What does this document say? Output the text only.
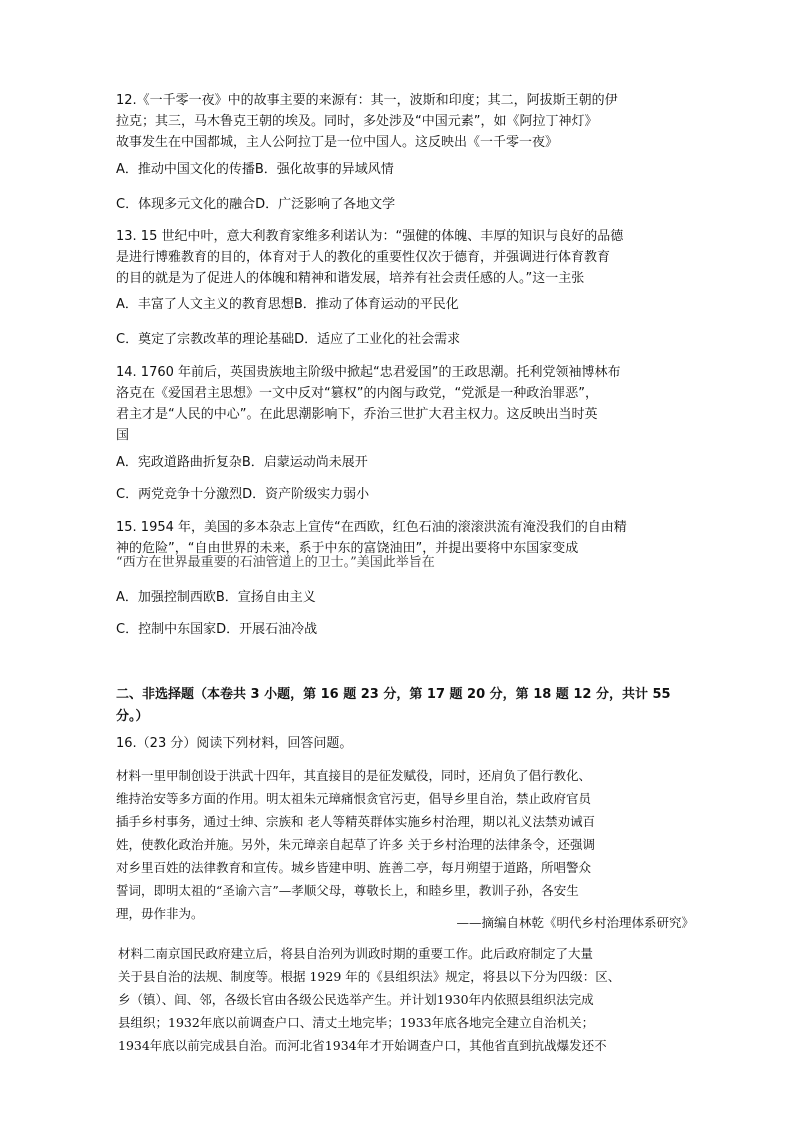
12.《一千零一夜》中的故事主要的来源有：其一，波斯和印度；其二，阿拔斯王朝的伊
拉克；其三，马木鲁克王朝的埃及。同时，多处涉及“中国元素”，如《阿拉丁神灯》
故事发生在中国都城，主人公阿拉丁是一位中国人。这反映出《一千零一夜》
A．推动中国文化的传播B．强化故事的异域风情
C．体现多元文化的融合D．广泛影响了各地文学
13. 15 世纪中叶，意大利教育家维多利诺认为：“强健的体魄、丰厚的知识与良好的品德
是进行博雅教育的目的，体育对于人的教化的重要性仅次于德育，并强调进行体育教育
的目的就是为了促进人的体魄和精神和谐发展，培养有社会责任感的人。”这一主张
A．丰富了人文主义的教育思想B．推动了体育运动的平民化
C．奠定了宗教改革的理论基础D．适应了工业化的社会需求
14. 1760 年前后，英国贵族地主阶级中掀起“忠君爱国”的王政思潮。托利党领袖博林布
洛克在《爱国君主思想》一文中反对“篡权”的内阁与政党，“党派是一种政治罪恶”，
君主才是“人民的中心”。在此思潮影响下，乔治三世扩大君主权力。这反映出当时英
国
A．宪政道路曲折复杂B．启蒙运动尚未展开
C．两党竞争十分激烈D．资产阶级实力弱小
15. 1954 年，美国的多本杂志上宣传“在西欧，红色石油的滚滚洪流有淹没我们的自由精
神的危险”，“自由世界的未来，系于中东的富饶油田”，并提出要将中东国家变成
“西方在世界最重要的石油管道上的卫士。”美国此举旨在
A．加强控制西欧B．宣扬自由主义
C．控制中东国家D．开展石油冷战
二、非选择题（本卷共 3 小题，第 16 题 23 分，第 17 题 20 分，第 18 题 12 分，共计 55
分。）
16.（23 分）阅读下列材料，回答问题。
材料一里甲制创设于洪武十四年，其直接目的是征发赋役，同时，还肩负了倡行教化、
维持治安等多方面的作用。明太祖朱元璋痛恨贪官污吏，倡导乡里自治，禁止政府官员
插手乡村事务，通过士绅、宗族和 老人等精英群体实施乡村治理，期以礼义法禁劝诫百
姓，使教化政治并施。另外，朱元璋亲自起草了许多 关于乡村治理的法律条令，还强调
对乡里百姓的法律教育和宣传。城乡皆建申明、旌善二亭，每月朔望于道路，所唱警众
誓词，即明太祖的“圣谕六言”—孝顺父母，尊敬长上，和睦乡里，教训子孙，各安生
理，毋作非为。
——摘编自林乾《明代乡村治理体系研究》
材料二南京国民政府建立后，将县自治列为训政时期的重要工作。此后政府制定了大量
关于县自治的法规、制度等。根据 1929 年的《县组织法》规定，将县以下分为四级：区、
乡（镇）、闾、邻，各级长官由各级公民选举产生。并计划1930年内依照县组织法完成
县组织；1932年底以前调查户口、清丈土地完毕；1933年底各地完全建立自治机关；
1934年底以前完成县自治。而河北省1934年才开始调查户口，其他省直到抗战爆发还不
